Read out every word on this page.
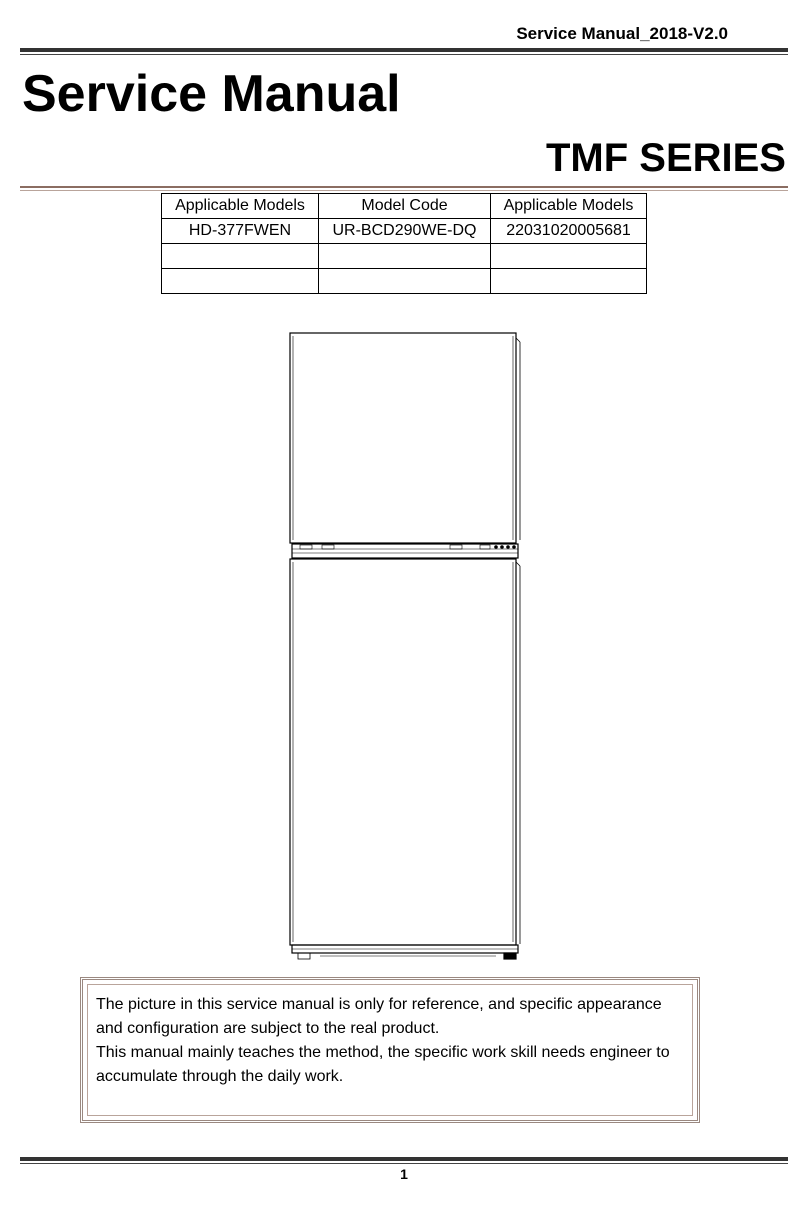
Service Manual_2018-V2.0
Service Manual
TMF SERIES
Applicable Models	Model Code	Applicable Models
HD-377FWEN	UR-BCD290WE-DQ	22031020005681

The picture in this service manual is only for reference, and specific appearance and configuration are subject to the real product.

This manual mainly teaches the method, the specific work skill needs engineer to accumulate through the daily work.

1
